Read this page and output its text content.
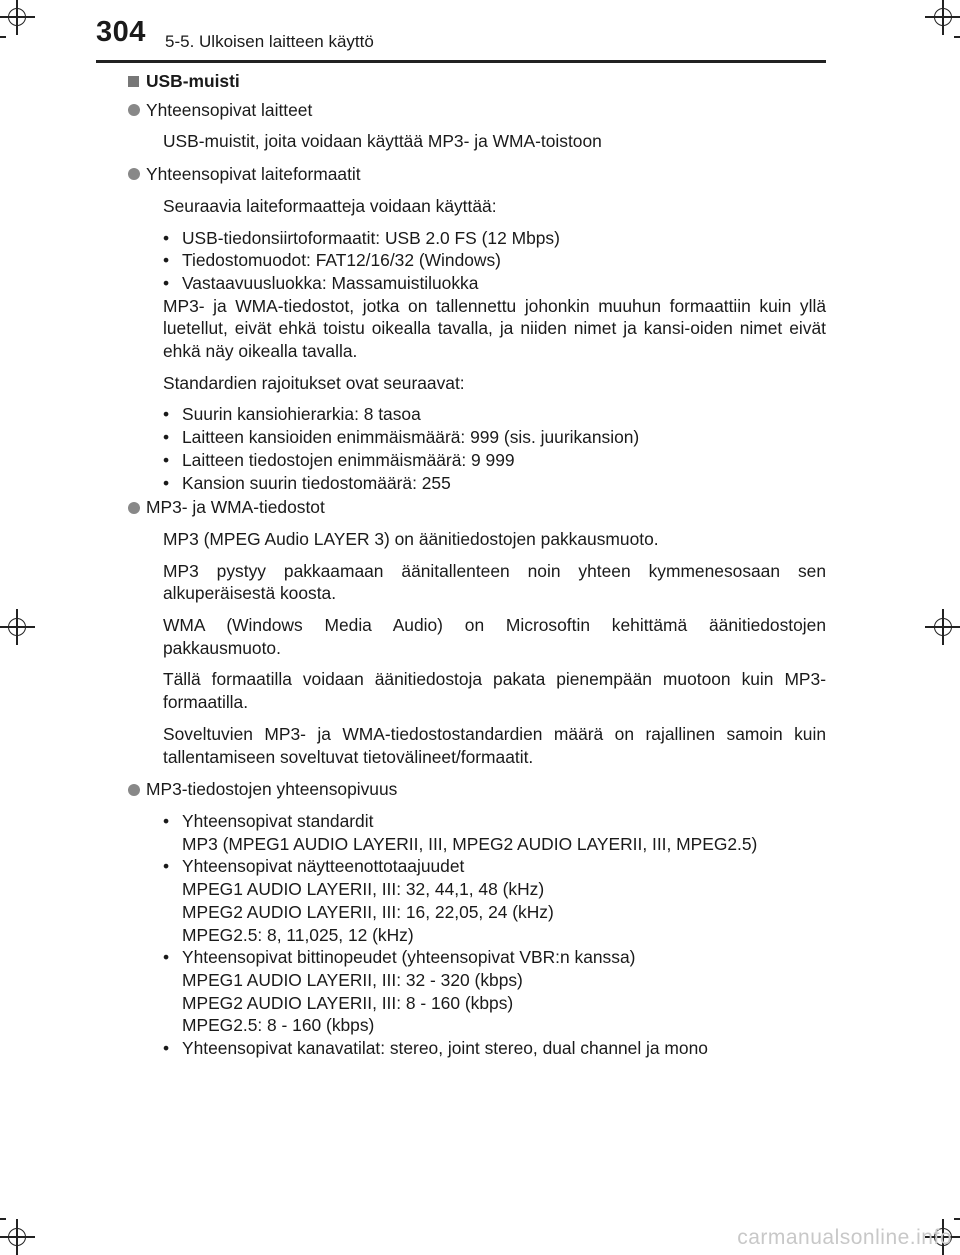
304 5-5. Ulkoisen laitteen käyttö
USB-muisti
Yhteensopivat laitteet
USB-muistit, joita voidaan käyttää MP3- ja WMA-toistoon
Yhteensopivat laiteformaatit
Seuraavia laiteformaatteja voidaan käyttää:
• USB-tiedonsiirtoformaatit: USB 2.0 FS (12 Mbps)
• Tiedostomuodot: FAT12/16/32 (Windows)
• Vastaavuusluokka: Massamuistiluokka
MP3- ja WMA-tiedostot, jotka on tallennettu johonkin muuhun formaattiin kuin yllä luetellut, eivät ehkä toistu oikealla tavalla, ja niiden nimet ja kansi-oiden nimet eivät ehkä näy oikealla tavalla.
Standardien rajoitukset ovat seuraavat:
• Suurin kansiohierarkia: 8 tasoa
• Laitteen kansioiden enimmäismäärä: 999 (sis. juurikansion)
• Laitteen tiedostojen enimmäismäärä: 9 999
• Kansion suurin tiedostomäärä: 255
MP3- ja WMA-tiedostot
MP3 (MPEG Audio LAYER 3) on äänitiedostojen pakkausmuoto.
MP3 pystyy pakkaamaan äänitallenteen noin yhteen kymmenesosaan sen alkuperäisestä koosta.
WMA (Windows Media Audio) on Microsoftin kehittämä äänitiedostojen pakkausmuoto.
Tällä formaatilla voidaan äänitiedostoja pakata pienempään muotoon kuin MP3-formaatilla.
Soveltuvien MP3- ja WMA-tiedostostandardien määrä on rajallinen samoin kuin tallentamiseen soveltuvat tietovälineet/formaatit.
MP3-tiedostojen yhteensopivuus
• Yhteensopivat standardit
MP3 (MPEG1 AUDIO LAYERII, III, MPEG2 AUDIO LAYERII, III, MPEG2.5)
• Yhteensopivat näytteenottotaajuudet
MPEG1 AUDIO LAYERII, III: 32, 44,1, 48 (kHz)
MPEG2 AUDIO LAYERII, III: 16, 22,05, 24 (kHz)
MPEG2.5: 8, 11,025, 12 (kHz)
• Yhteensopivat bittinopeudet (yhteensopivat VBR:n kanssa)
MPEG1 AUDIO LAYERII, III: 32 - 320 (kbps)
MPEG2 AUDIO LAYERII, III: 8 - 160 (kbps)
MPEG2.5: 8 - 160 (kbps)
• Yhteensopivat kanavatilat: stereo, joint stereo, dual channel ja mono
carmanualsonline.info
